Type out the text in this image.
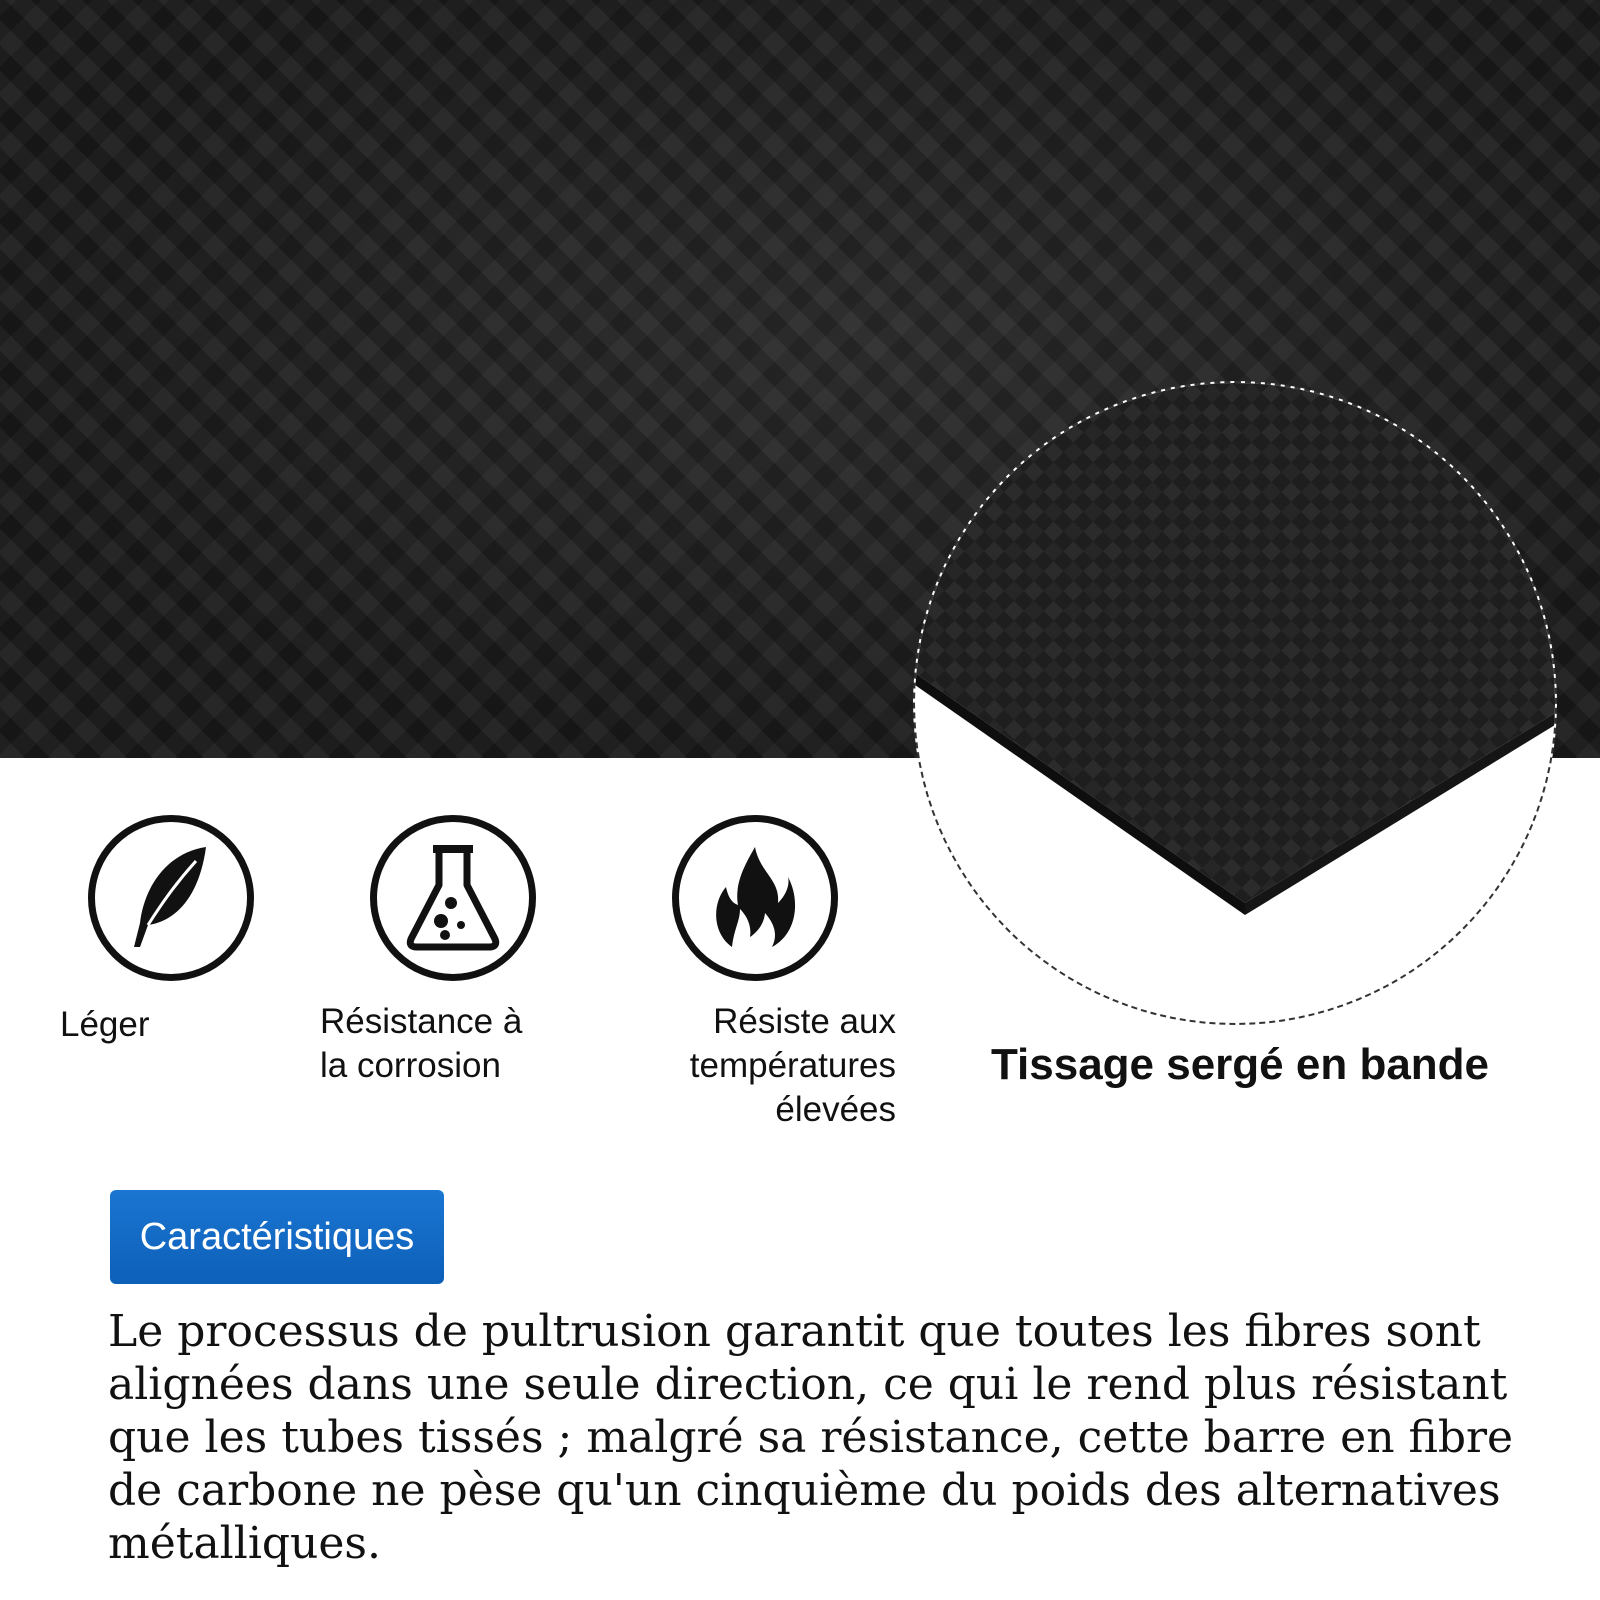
Léger	Résistance à
la corrosion
Résiste aux
températures
élevées
Tissage sergé en bande
Caractéristiques
Le processus de pultrusion garantit que toutes les fibres sont alignées dans une seule direction, ce qui le rend plus résistant que les tubes tissés ; malgré sa résistance, cette barre en fibre de carbone ne pèse qu'un cinquième du poids des alternatives métalliques.
